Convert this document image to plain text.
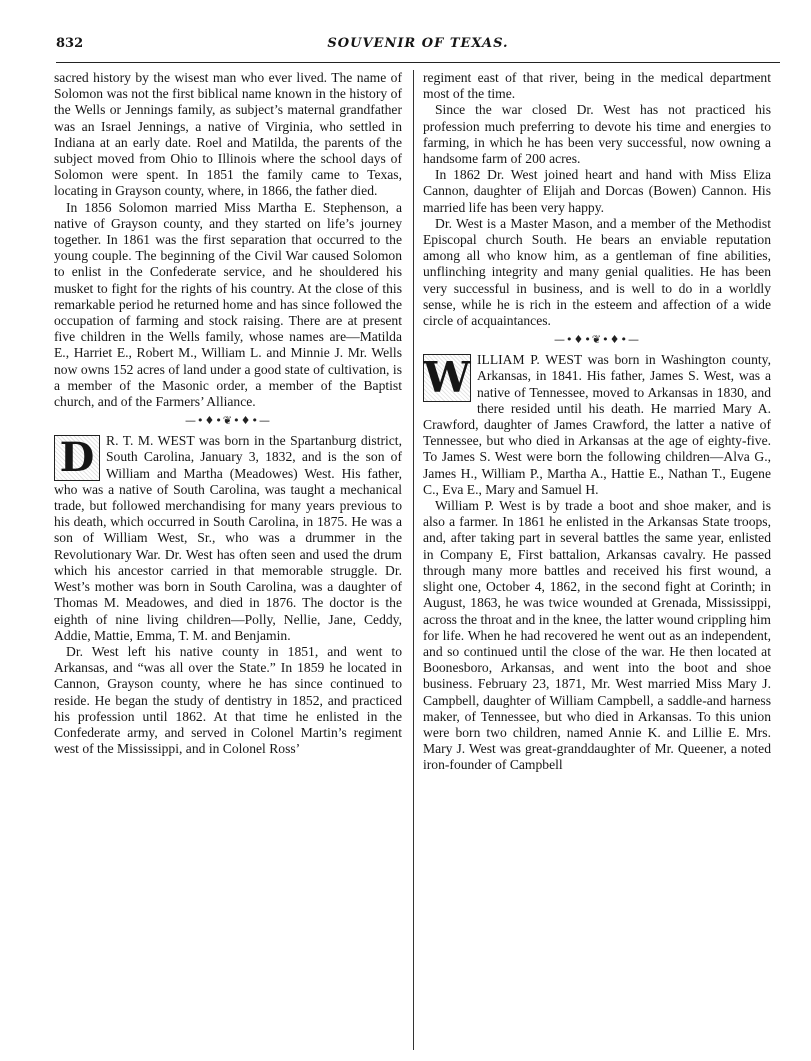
832	SOUVENIR OF TEXAS.

sacred history by the wisest man who ever lived. The name of Solomon was not the first biblical name known in the history of the Wells or Jennings family, as subject’s maternal grandfather was an Israel Jennings, a native of Virginia, who settled in Indiana at an early date. Roel and Matilda, the parents of the subject moved from Ohio to Illinois where the school days of Solomon were spent. In 1851 the family came to Texas, locating in Grayson county, where, in 1866, the father died.

In 1856 Solomon married Miss Martha E. Stephenson, a native of Grayson county, and they started on life’s journey together. In 1861 was the first separation that occurred to the young couple. The beginning of the Civil War caused Solomon to enlist in the Confederate service, and he shouldered his musket to fight for the rights of his country. At the close of this remarkable period he returned home and has since followed the occupation of farming and stock raising. There are at present five children in the Wells family, whose names are—Matilda E., Harriet E., Robert M., William L. and Minnie J. Mr. Wells now owns 152 acres of land under a good state of cultivation, is a member of the Masonic order, a member of the Baptist church, and of the Farmers’ Alliance.

—•♦•❦•♦•—
D R. T. M. WEST was born in the Spartanburg district, South Carolina, January 3, 1832, and is the son of William and Martha (Meadowes) West. His father, who was a native of South Carolina, was taught a mechanical trade, but followed merchandising for many years previous to his death, which occurred in South Carolina, in 1875. He was a son of William West, Sr., who was a drummer in the Revolutionary War. Dr. West has often seen and used the drum which his ancestor carried in that memorable struggle. Dr. West’s mother was born in South Carolina, was a daughter of Thomas M. Meadowes, and died in 1876. The doctor is the eighth of nine living children—Polly, Nellie, Jane, Ceddy, Addie, Mattie, Emma, T. M. and Benjamin.

Dr. West left his native county in 1851, and went to Arkansas, and “was all over the State.” In 1859 he located in Cannon, Grayson county, where he has since continued to reside. He began the study of dentistry in 1852, and practiced his profession until 1862. At that time he enlisted in the Confederate army, and served in Colonel Martin’s regiment west of the Mississippi, and in Colonel Ross’

regiment east of that river, being in the medical department most of the time.

Since the war closed Dr. West has not practiced his profession much preferring to devote his time and energies to farming, in which he has been very successful, now owning a handsome farm of 200 acres.

In 1862 Dr. West joined heart and hand with Miss Eliza Cannon, daughter of Elijah and Dorcas (Bowen) Cannon. His married life has been very happy.

Dr. West is a Master Mason, and a member of the Methodist Episcopal church South. He bears an enviable reputation among all who know him, as a gentleman of fine abilities, unflinching integrity and many genial qualities. He has been very successful in business, and is well to do in a worldly sense, while he is rich in the esteem and affection of a wide circle of acquaintances.

—•♦•❦•♦•—
W ILLIAM P. WEST was born in Washington county, Arkansas, in 1841. His father, James S. West, was a native of Tennessee, moved to Arkansas in 1830, and there resided until his death. He married Mary A. Crawford, daughter of James Crawford, the latter a native of Tennessee, but who died in Arkansas at the age of eighty-five. To James S. West were born the following children—Alva G., James H., William P., Martha A., Hattie E., Nathan T., Eugene C., Eva E., Mary and Samuel H.

William P. West is by trade a boot and shoe maker, and is also a farmer. In 1861 he enlisted in the Arkansas State troops, and, after taking part in several battles the same year, enlisted in Company E, First battalion, Arkansas cavalry. He passed through many more battles and received his first wound, a slight one, October 4, 1862, in the second fight at Corinth; in August, 1863, he was twice wounded at Grenada, Mississippi, across the throat and in the knee, the latter wound crippling him for life. When he had recovered he went out as an independent, and so continued until the close of the war. He then located at Boonesboro, Arkansas, and went into the boot and shoe business. February 23, 1871, Mr. West married Miss Mary J. Campbell, daughter of William Campbell, a saddle-and harness maker, of Tennessee, but who died in Arkansas. To this union were born two children, named Annie K. and Lillie E. Mrs. Mary J. West was great-granddaughter of Mr. Queener, a noted iron-founder of Campbell
